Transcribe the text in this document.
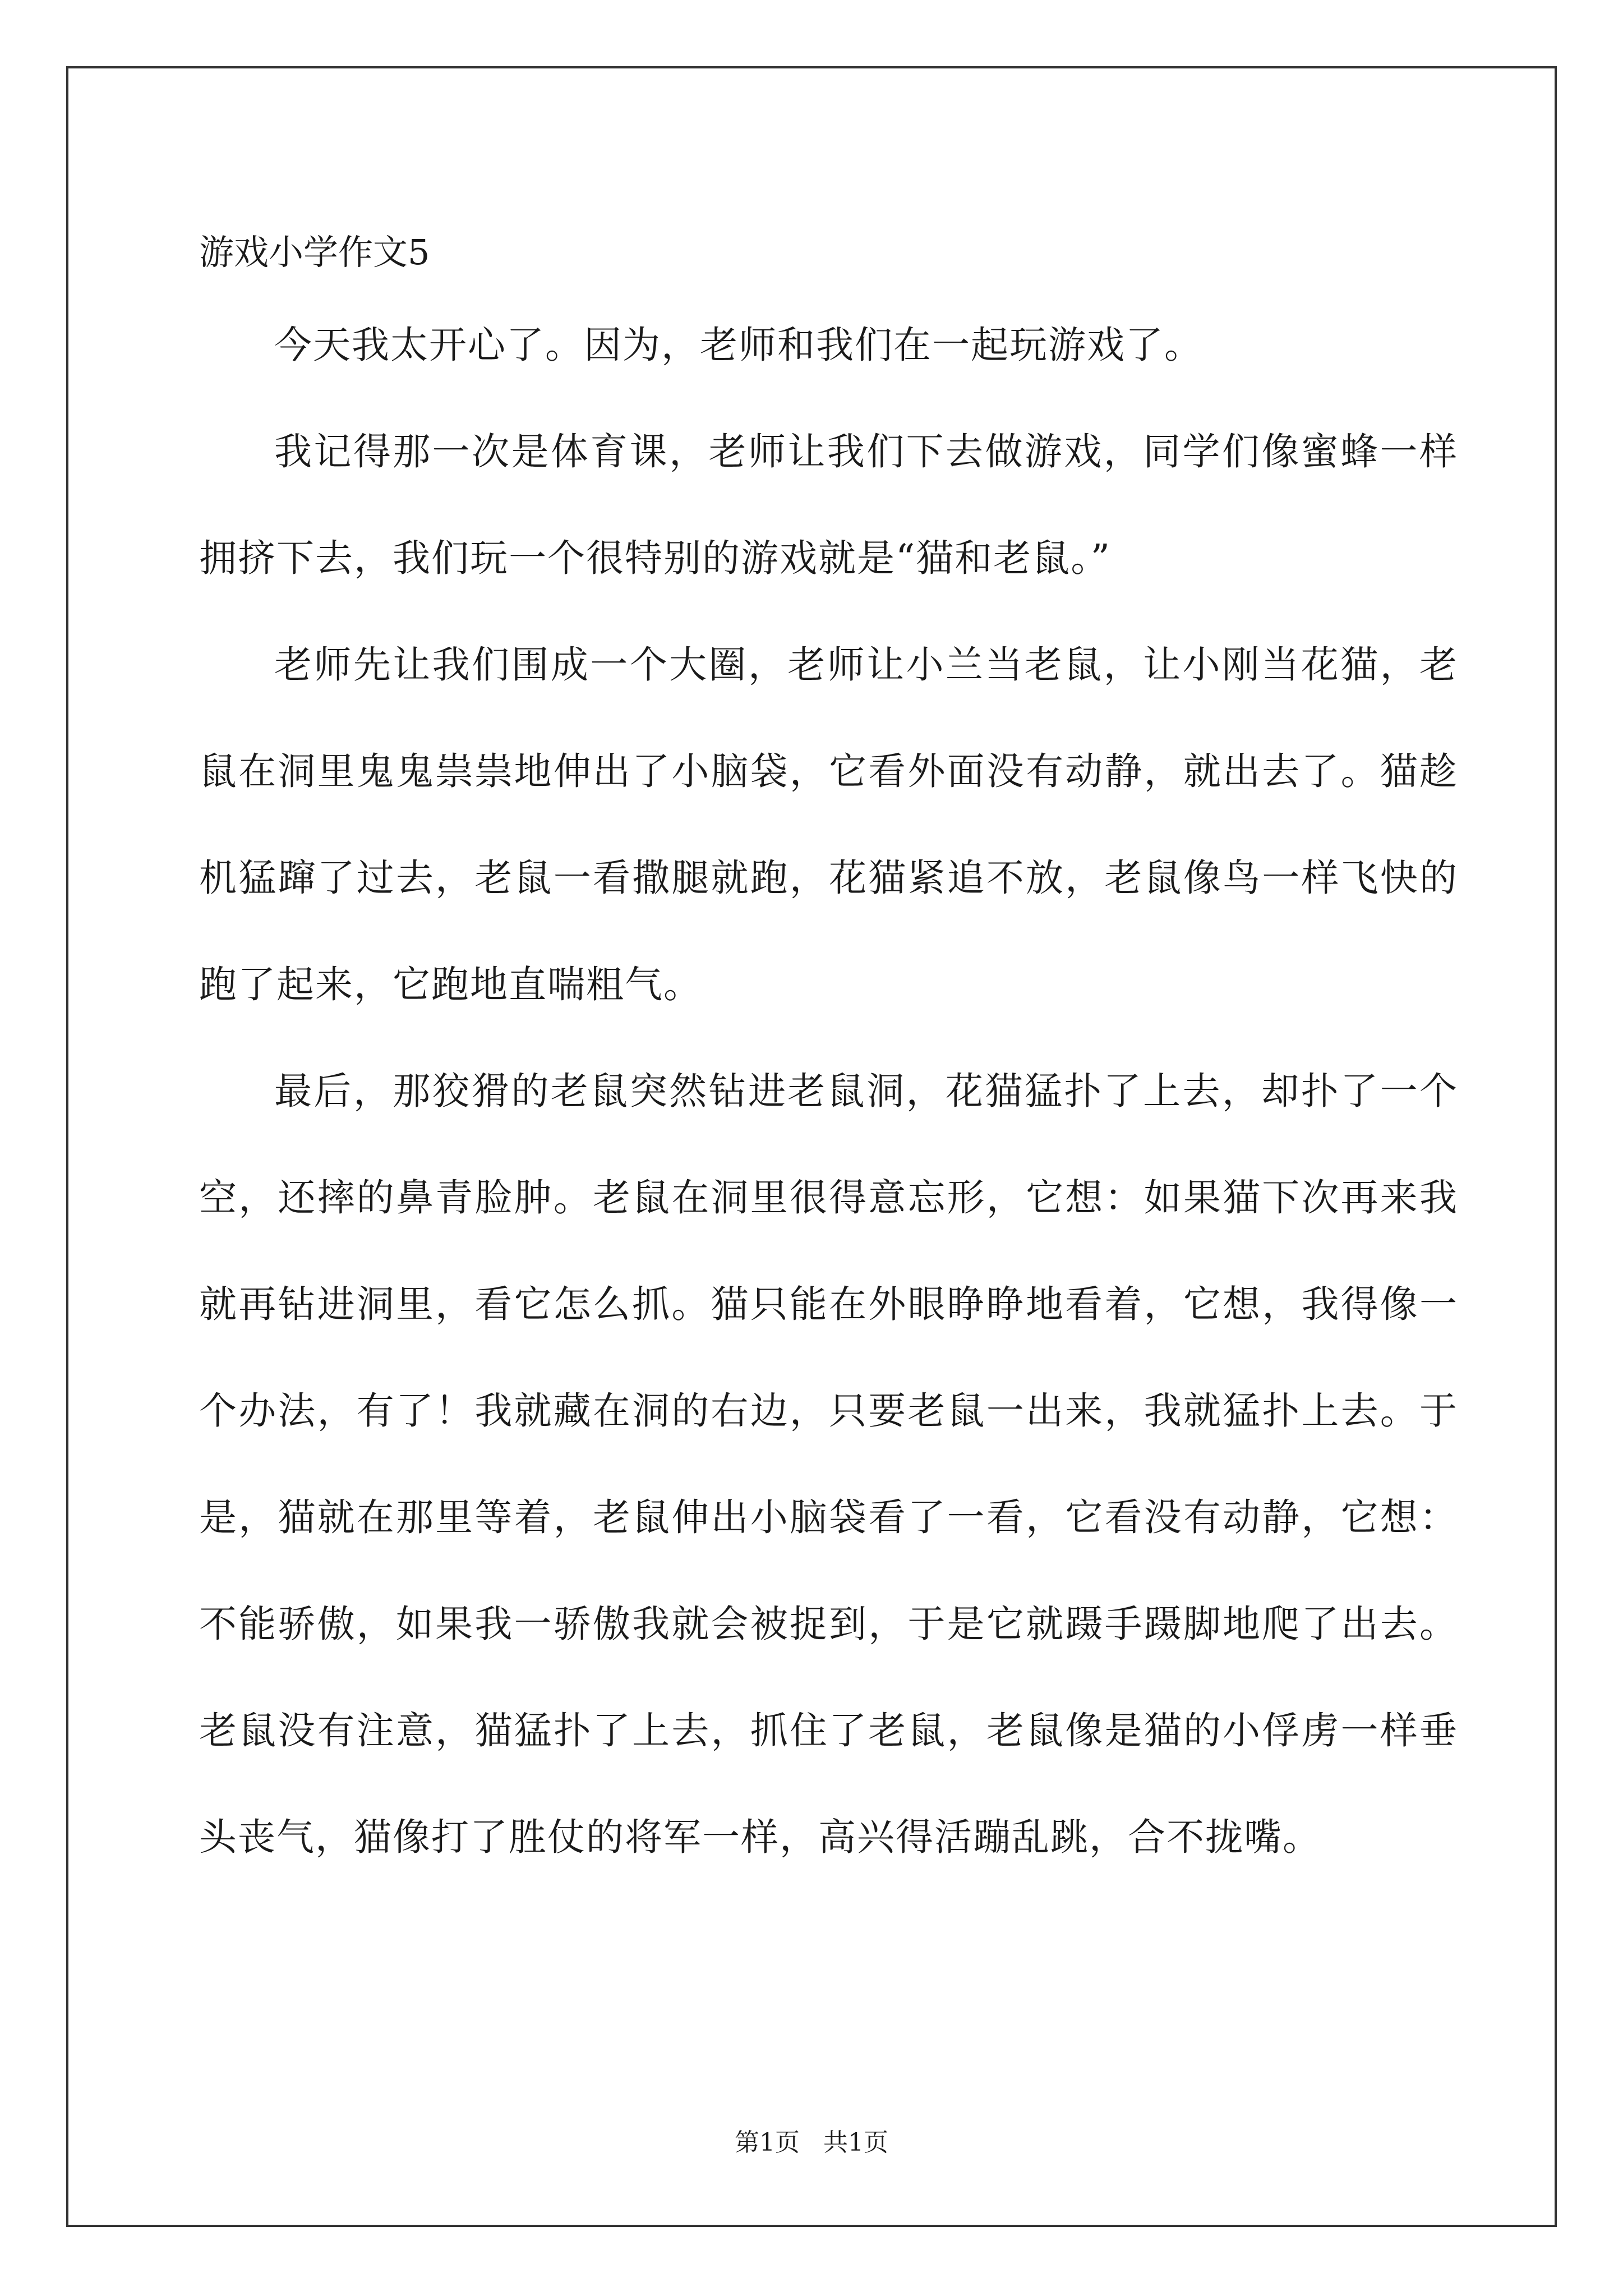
游戏小学作文5

今天我太开心了。因为，老师和我们在一起玩游戏了。

我记得那一次是体育课，老师让我们下去做游戏，同学们像蜜蜂一样拥挤下去，我们玩一个很特别的游戏就是“猫和老鼠。”

老师先让我们围成一个大圈，老师让小兰当老鼠，让小刚当花猫，老鼠在洞里鬼鬼祟祟地伸出了小脑袋，它看外面没有动静，就出去了。猫趁机猛蹿了过去，老鼠一看撒腿就跑，花猫紧追不放，老鼠像鸟一样飞快的跑了起来，它跑地直喘粗气。

最后，那狡猾的老鼠突然钻进老鼠洞，花猫猛扑了上去，却扑了一个空，还摔的鼻青脸肿。老鼠在洞里很得意忘形，它想：如果猫下次再来我就再钻进洞里，看它怎么抓。猫只能在外眼睁睁地看着，它想，我得像一个办法，有了！我就藏在洞的右边，只要老鼠一出来，我就猛扑上去。于是，猫就在那里等着，老鼠伸出小脑袋看了一看，它看没有动静，它想：不能骄傲，如果我一骄傲我就会被捉到，于是它就蹑手蹑脚地爬了出去。老鼠没有注意，猫猛扑了上去，抓住了老鼠，老鼠像是猫的小俘虏一样垂头丧气，猫像打了胜仗的将军一样，高兴得活蹦乱跳，合不拢嘴。

第1页 共1页
